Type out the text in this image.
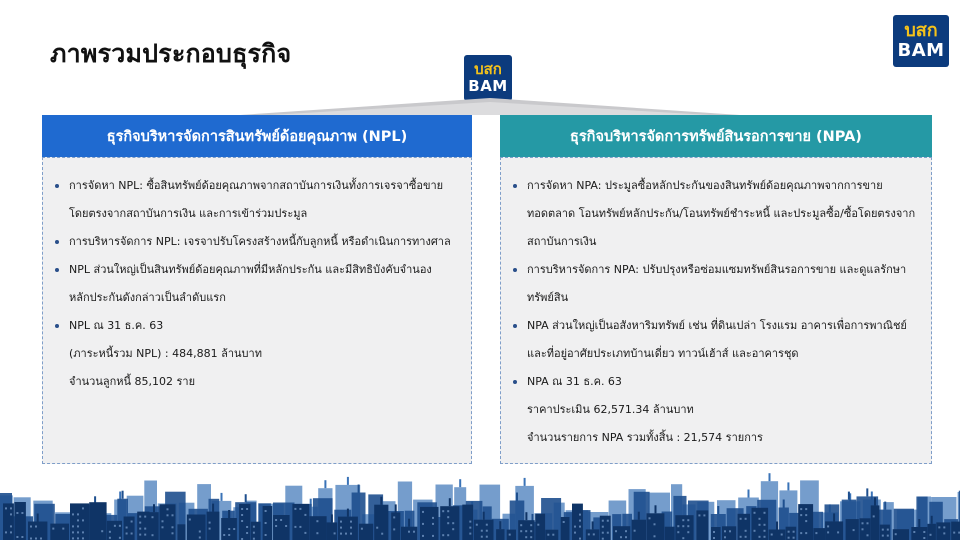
ภาพรวมประกอบธุรกิจ
บสก
BAM
บสก
BAM
ธุรกิจบริหารจัดการสินทรัพย์ด้อยคุณภาพ (NPL)
การจัดหา NPL: ซื้อสินทรัพย์ด้อยคุณภาพจากสถาบันการเงินทั้งการเจรจาซื้อขาย
โดยตรงจากสถาบันการเงิน และการเข้าร่วมประมูล
การบริหารจัดการ NPL: เจรจาปรับโครงสร้างหนี้กับลูกหนี้ หรือดำเนินการทางศาล
NPL ส่วนใหญ่เป็นสินทรัพย์ด้อยคุณภาพที่มีหลักประกัน และมีสิทธิบังคับจำนอง
หลักประกันดังกล่าวเป็นลำดับแรก
NPL ณ 31 ธ.ค. 63
(ภาระหนี้รวม NPL) : 484,881 ล้านบาท
จำนวนลูกหนี้ 85,102 ราย
ธุรกิจบริหารจัดการทรัพย์สินรอการขาย (NPA)
การจัดหา NPA: ประมูลซื้อหลักประกันของสินทรัพย์ด้อยคุณภาพจากการขาย
ทอดตลาด โอนทรัพย์หลักประกัน/โอนทรัพย์ชำระหนี้ และประมูลซื้อ/ซื้อโดยตรงจาก
สถาบันการเงิน
การบริหารจัดการ NPA: ปรับปรุงหรือซ่อมแซมทรัพย์สินรอการขาย และดูแลรักษา
ทรัพย์สิน
NPA ส่วนใหญ่เป็นอสังหาริมทรัพย์ เช่น ที่ดินเปล่า โรงแรม อาคารเพื่อการพาณิชย์
และที่อยู่อาศัยประเภทบ้านเดี่ยว ทาวน์เฮ้าส์ และอาคารชุด
NPA ณ 31 ธ.ค. 63
ราคาประเมิน 62,571.34 ล้านบาท
จำนวนรายการ NPA รวมทั้งสิ้น : 21,574 รายการ
